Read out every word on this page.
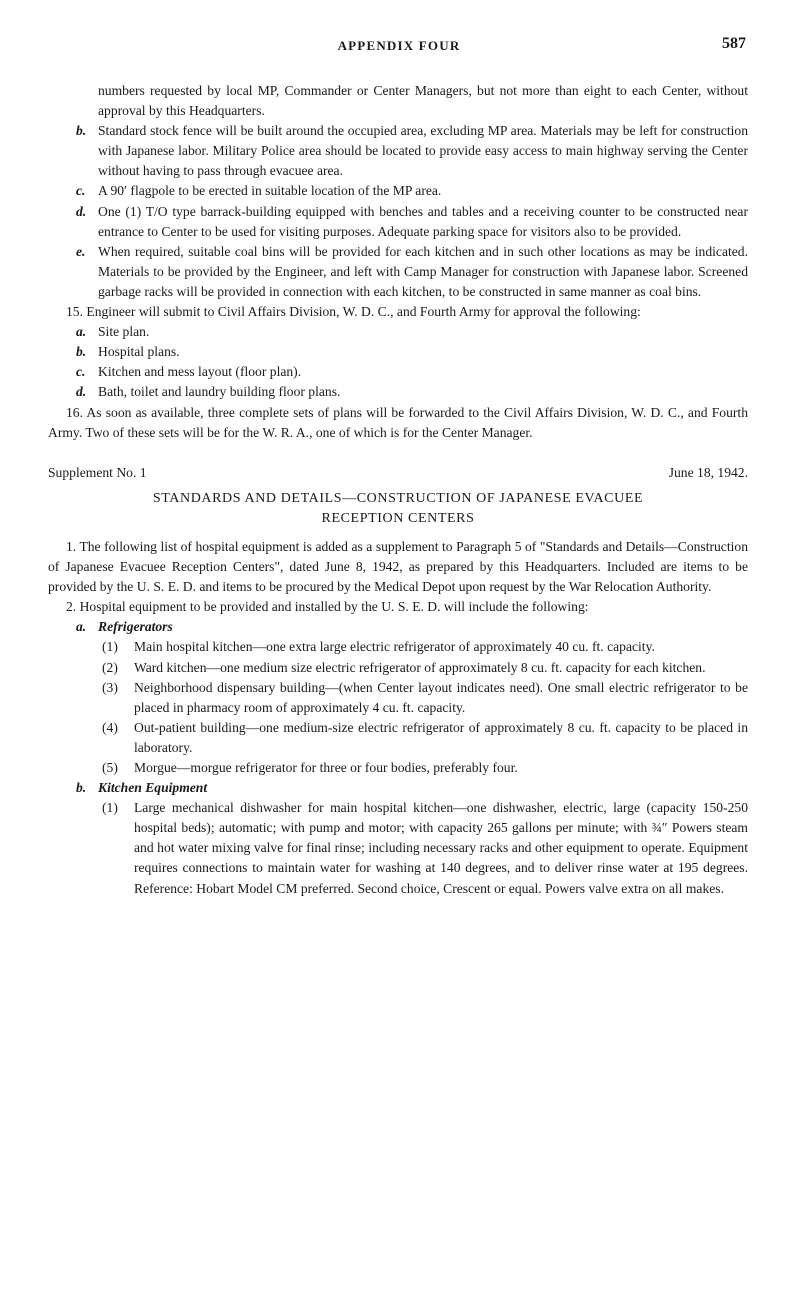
APPENDIX FOUR	587

numbers requested by local MP, Commander or Center Managers, but not more than eight to each Center, without approval by this Headquarters.

b. Standard stock fence will be built around the occupied area, excluding MP area. Materials may be left for construction with Japanese labor. Military Police area should be located to provide easy access to main highway serving the Center without having to pass through evacuee area.
c. A 90′ flagpole to be erected in suitable location of the MP area.
d. One (1) T/O type barrack-building equipped with benches and tables and a receiving counter to be constructed near entrance to Center to be used for visiting purposes. Adequate parking space for visitors also to be provided.
e. When required, suitable coal bins will be provided for each kitchen and in such other locations as may be indicated. Materials to be provided by the Engineer, and left with Camp Manager for construction with Japanese labor. Screened garbage racks will be provided in connection with each kitchen, to be constructed in same manner as coal bins.

15. Engineer will submit to Civil Affairs Division, W. D. C., and Fourth Army for approval the following:

a. Site plan.
b. Hospital plans.
c. Kitchen and mess layout (floor plan).
d. Bath, toilet and laundry building floor plans.

16. As soon as available, three complete sets of plans will be forwarded to the Civil Affairs Division, W. D. C., and Fourth Army. Two of these sets will be for the W. R. A., one of which is for the Center Manager.

Supplement No. 1	June 18, 1942.
STANDARDS AND DETAILS—CONSTRUCTION OF JAPANESE EVACUEE
RECEPTION CENTERS

1. The following list of hospital equipment is added as a supplement to Paragraph 5 of "Standards and Details—Construction of Japanese Evacuee Reception Centers", dated June 8, 1942, as prepared by this Headquarters. Included are items to be provided by the U. S. E. D. and items to be procured by the Medical Depot upon request by the War Relocation Authority.

2. Hospital equipment to be provided and installed by the U. S. E. D. will include the following:

a. Refrigerators
(1)	Main hospital kitchen—one extra large electric refrigerator of approximately 40 cu. ft. capacity.
(2)	Ward kitchen—one medium size electric refrigerator of approximately 8 cu. ft. capacity for each kitchen.
(3)	Neighborhood dispensary building—(when Center layout indicates need). One small electric refrigerator to be placed in pharmacy room of approximately 4 cu. ft. capacity.
(4)	Out-patient building—one medium-size electric refrigerator of approximately 8 cu. ft. capacity to be placed in laboratory.
(5)	Morgue—morgue refrigerator for three or four bodies, preferably four.
b. Kitchen Equipment
(1)	Large mechanical dishwasher for main hospital kitchen—one dishwasher, electric, large (capacity 150-250 hospital beds); automatic; with pump and motor; with capacity 265 gallons per minute; with ¾″ Powers steam and hot water mixing valve for final rinse; including necessary racks and other equipment to operate. Equipment requires connections to maintain water for washing at 140 degrees, and to deliver rinse water at 195 degrees. Reference: Hobart Model CM preferred. Second choice, Crescent or equal. Powers valve extra on all makes.
